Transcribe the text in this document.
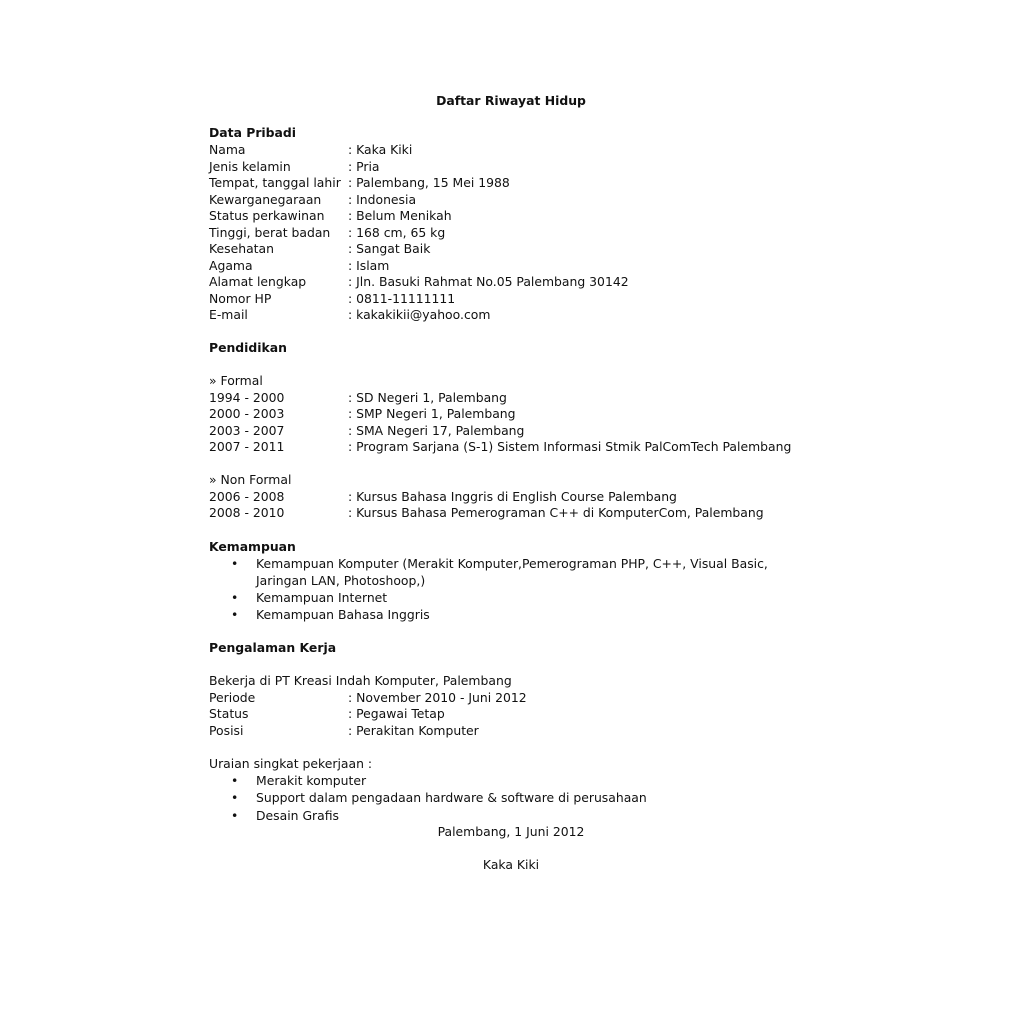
Daftar Riwayat Hidup
Data Pribadi
Nama	: Kaka Kiki
Jenis kelamin	: Pria
Tempat, tanggal lahir : Palembang, 15 Mei 1988
Kewarganegaraan : Indonesia
Status perkawinan : Belum Menikah
Tinggi, berat badan : 168 cm, 65 kg
Kesehatan	: Sangat Baik
Agama	: Islam
Alamat lengkap	: Jln. Basuki Rahmat No.05 Palembang 30142
Nomor HP	: 0811-11111111
E-mail	: kakakikii@yahoo.com
Pendidikan
» Formal
1994 - 2000	: SD Negeri 1, Palembang
2000 - 2003	: SMP Negeri 1, Palembang
2003 - 2007	: SMA Negeri 17, Palembang
2007 - 2011	: Program Sarjana (S-1) Sistem Informasi Stmik PalComTech Palembang
» Non Formal
2006 - 2008	: Kursus Bahasa Inggris di English Course Palembang
2008 - 2010	: Kursus Bahasa Pemerograman C++ di KomputerCom, Palembang
Kemampuan
• Kemampuan Komputer (Merakit Komputer,Pemerograman PHP, C++, Visual Basic,
Jaringan LAN, Photoshoop,)
• Kemampuan Internet
• Kemampuan Bahasa Inggris
Pengalaman Kerja
Bekerja di PT Kreasi Indah Komputer, Palembang
Periode	: November 2010 - Juni 2012
Status	: Pegawai Tetap
Posisi	: Perakitan Komputer
Uraian singkat pekerjaan :
• Merakit komputer
• Support dalam pengadaan hardware & software di perusahaan
• Desain Grafis
Palembang, 1 Juni 2012
Kaka Kiki
